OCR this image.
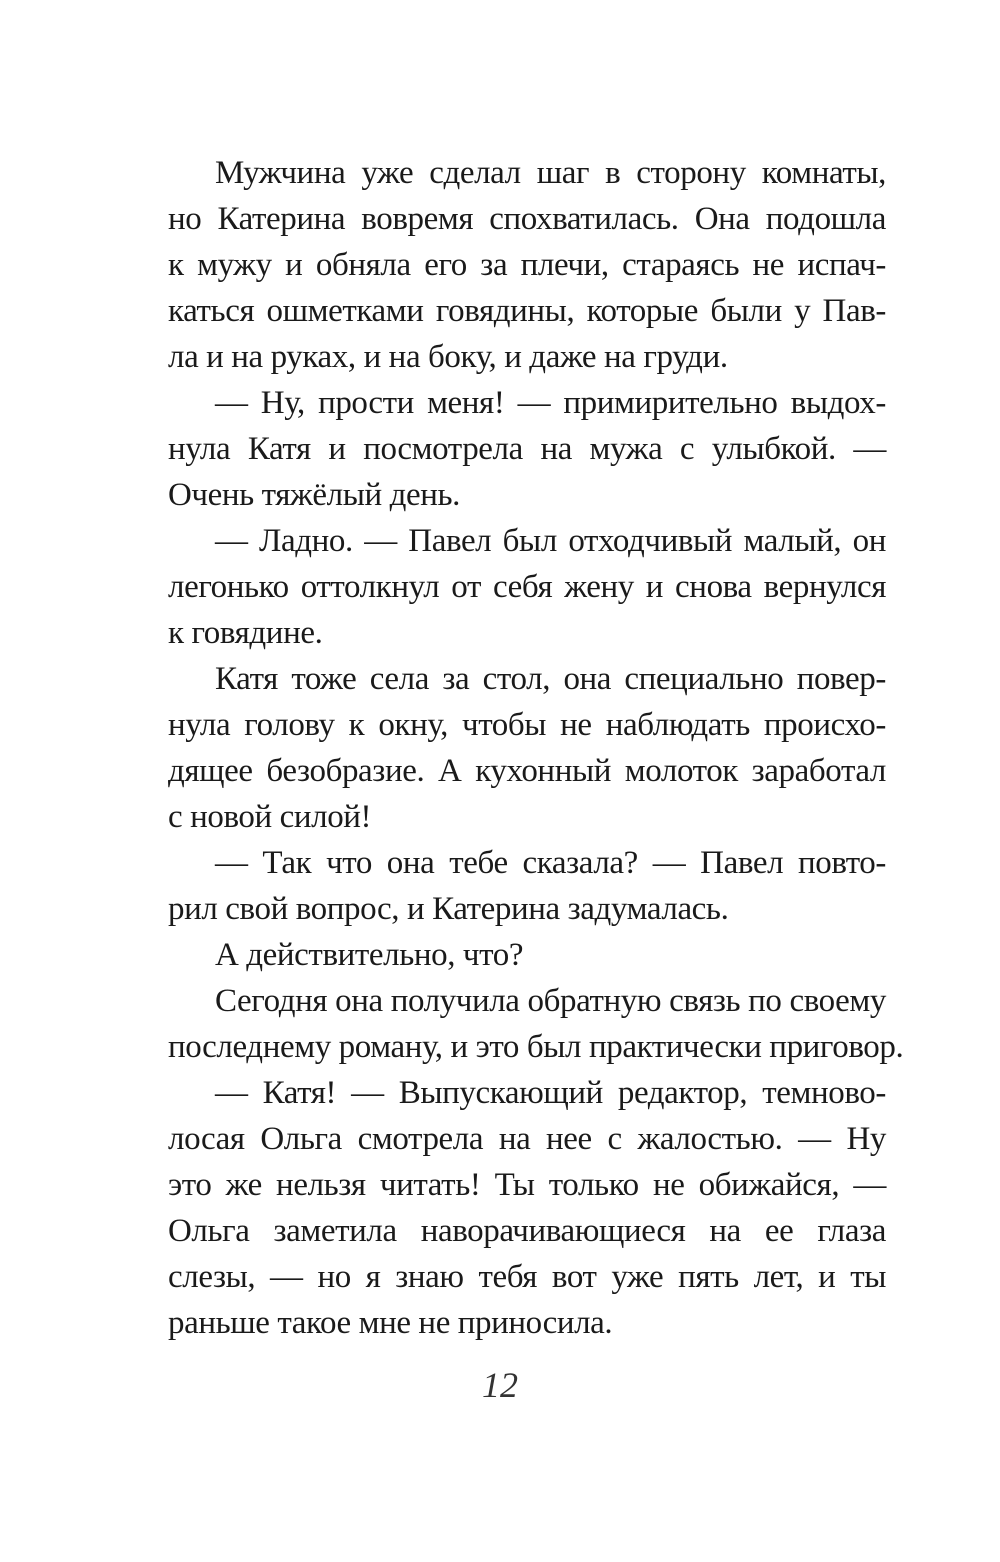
Мужчина уже сделал шаг в сторону комнаты,
но Катерина вовремя спохватилась. Она подошла
к мужу и обняла его за плечи, стараясь не испач-
каться ошметками говядины, которые были у Пав-
ла и на руках, и на боку, и даже на груди.
— Ну, прости меня! — примирительно выдох-
нула Катя и посмотрела на мужа с улыбкой. —
Очень тяжёлый день.
— Ладно. — Павел был отходчивый малый, он
легонько оттолкнул от себя жену и снова вернулся
к говядине.
Катя тоже села за стол, она специально повер-
нула голову к окну, чтобы не наблюдать происхо-
дящее безобразие. А кухонный молоток заработал
с новой силой!
— Так что она тебе сказала? — Павел повто-
рил свой вопрос, и Катерина задумалась.
А действительно, что?
Сегодня она получила обратную связь по своему
последнему роману, и это был практически приговор.
— Катя! — Выпускающий редактор, темново-
лосая Ольга смотрела на нее с жалостью. — Ну
это же нельзя читать! Ты только не обижайся, —
Ольга заметила наворачивающиеся на ее глаза
слезы, — но я знаю тебя вот уже пять лет, и ты
раньше такое мне не приносила.
12
